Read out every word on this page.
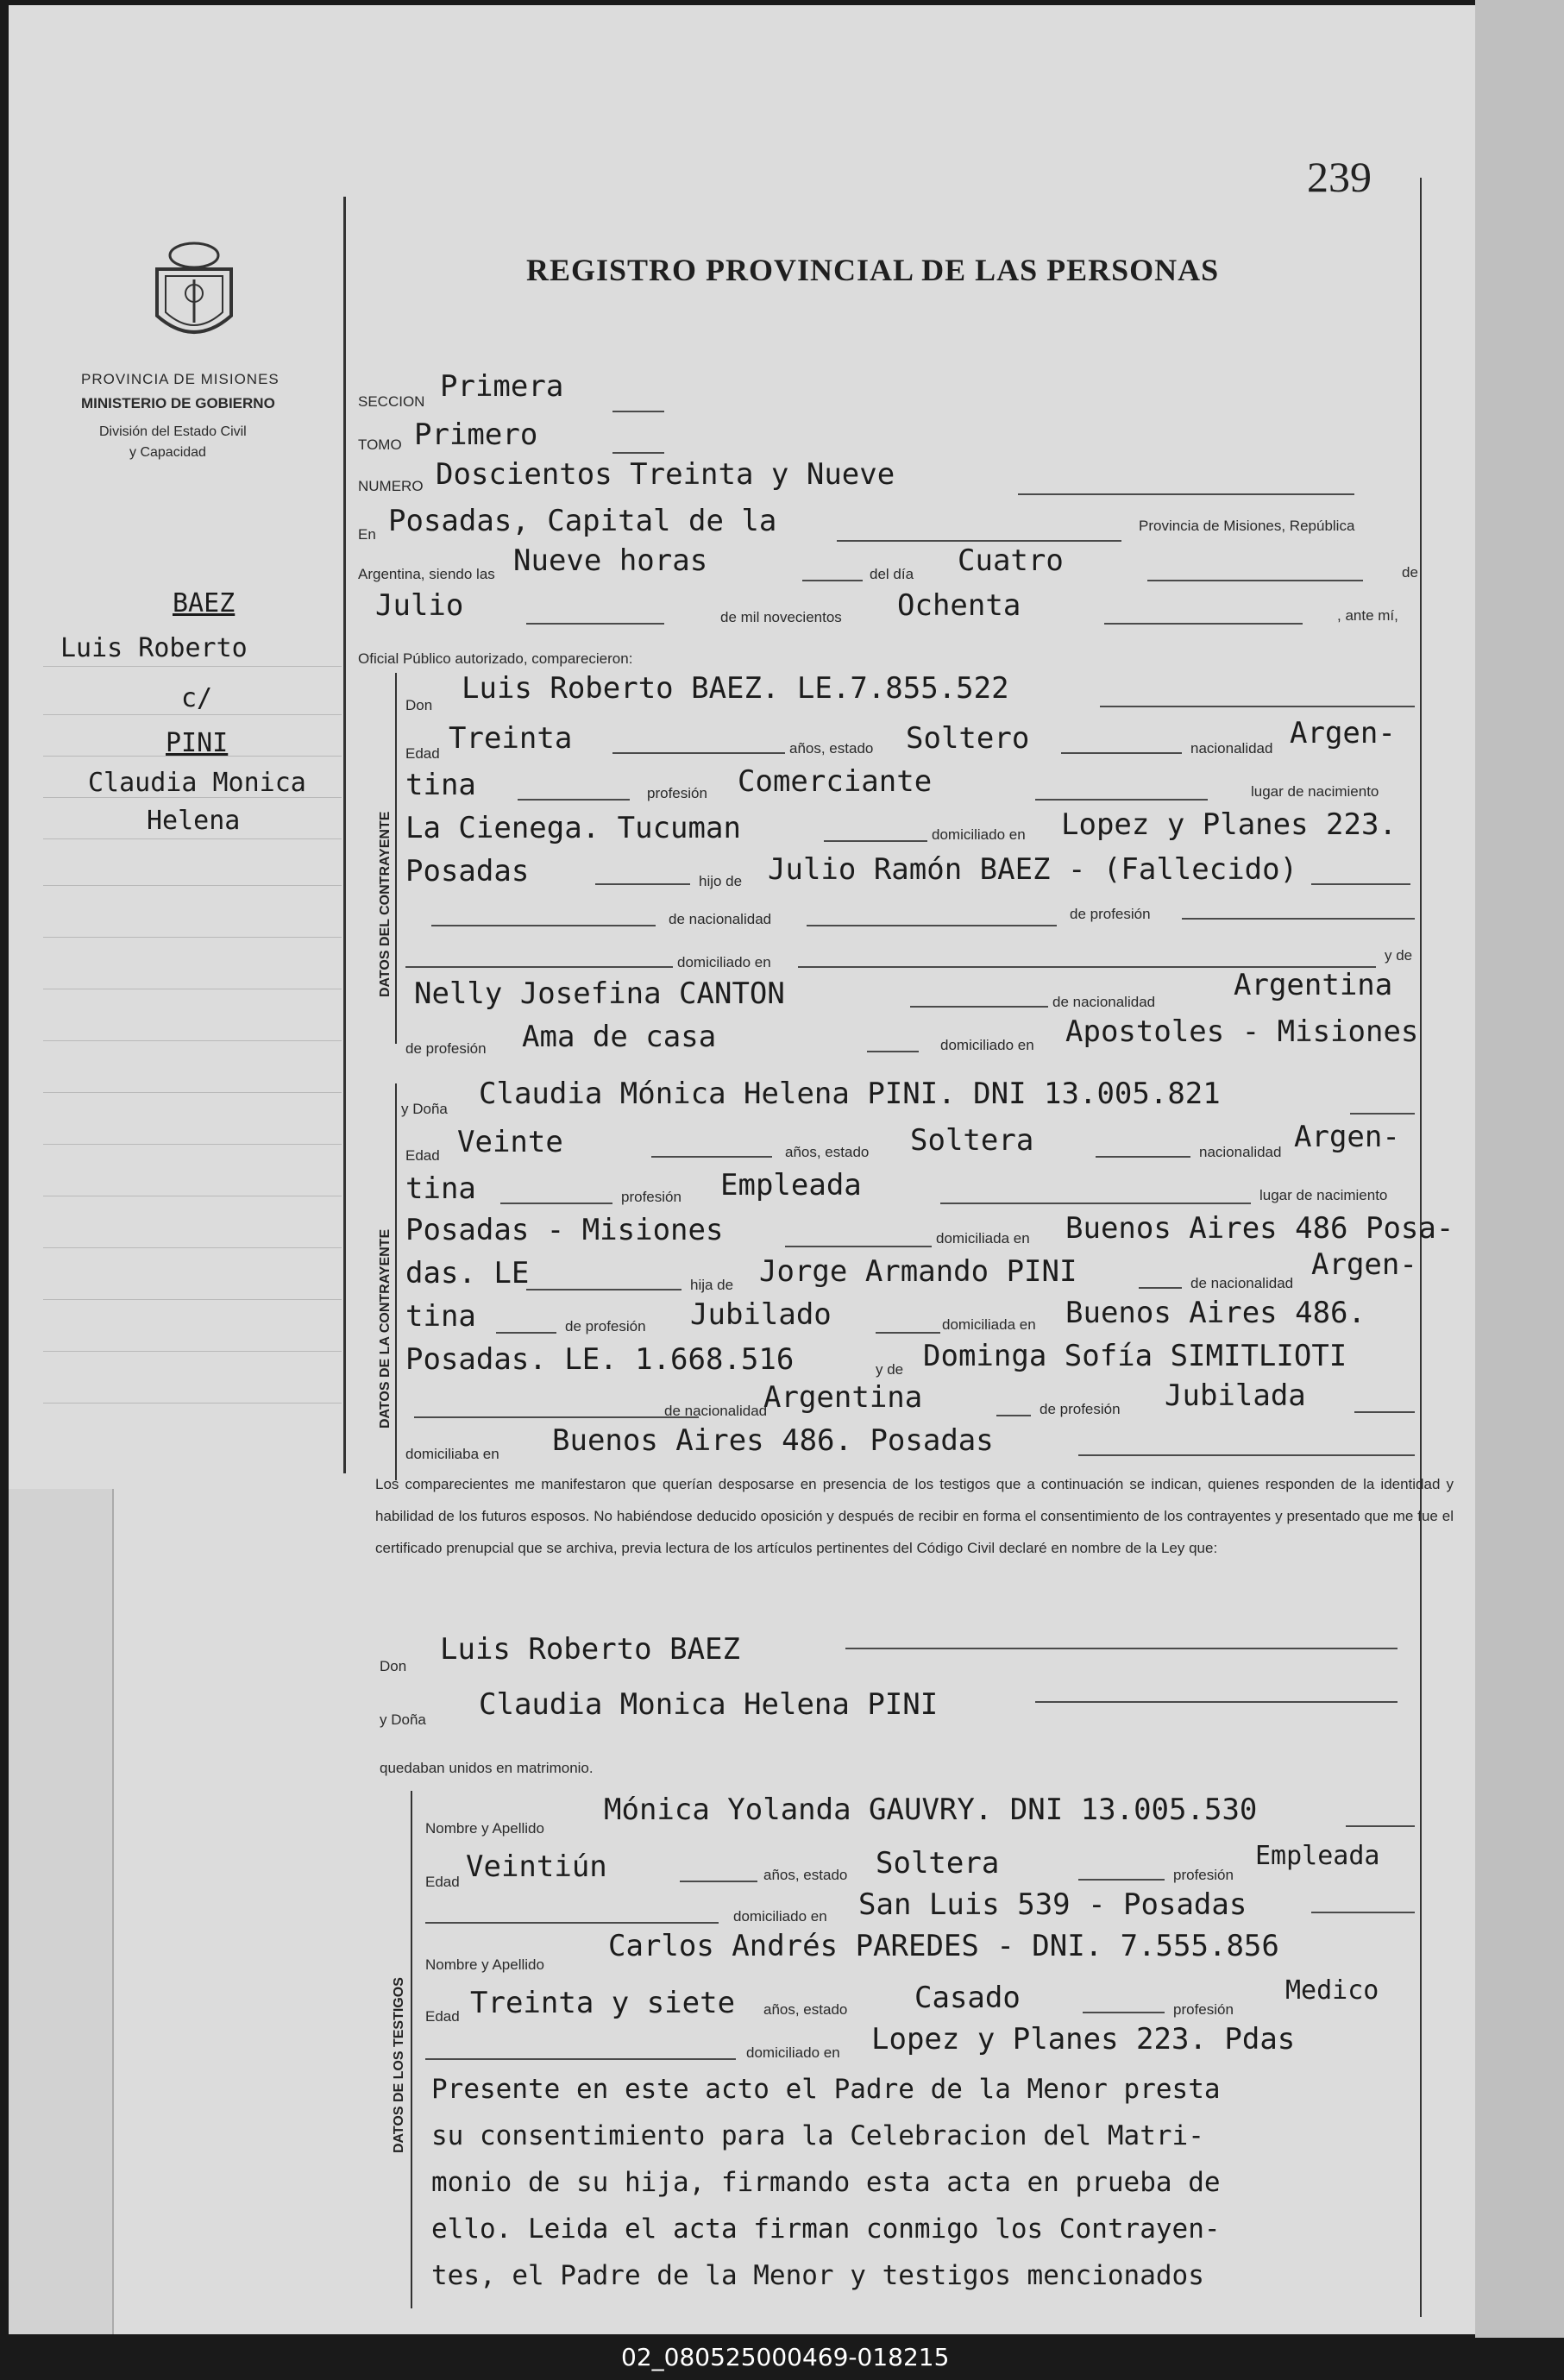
239
PROVINCIA DE MISIONES
MINISTERIO DE GOBIERNO
División del Estado Civil
y Capacidad
REGISTRO PROVINCIAL DE LAS PERSONAS
BAEZ
Luis Roberto
c/
PINI
Claudia Monica
Helena
SECCION Primera
TOMO Primero
NUMERO Doscientos Treinta y Nueve
En Posadas, Capital de la	Provincia de Misiones, República
Argentina, siendo las Nueve horas	del día Cuatro	de
Julio	de mil novecientos Ochenta	, ante mí,
Oficial Público autorizado, comparecieron:
DATOS DEL CONTRAYENTE
Don Luis Roberto BAEZ. LE.7.855.522
Edad Treinta	años, estado Soltero	nacionalidad Argen-
tina	profesión Comerciante	lugar de nacimiento
La Cienega. Tucuman	domiciliado en Lopez y Planes 223.
Posadas	hijo de Julio Ramón BAEZ - (Fallecido)
de nacionalidad	de profesión
domiciliado en	y de
Nelly Josefina CANTON	de nacionalidad	Argentina
de profesión Ama de casa	domiciliado en Apostoles - Misiones
DATOS DE LA CONTRAYENTE
y Doña Claudia Mónica Helena PINI. DNI 13.005.821
Edad Veinte	años, estado Soltera	nacionalidad Argen-
tina	profesión Empleada	lugar de nacimiento
Posadas - Misiones	domiciliada en Buenos Aires 486 Posa-
das. LE	hija de Jorge Armando PINI	de nacionalidad
Argen-
tina	de profesión Jubilado	domiciliada en Buenos Aires 486.
Posadas. LE. 1.668.516	y de Dominga Sofía SIMITLIOTI
de nacionalidad
Argentina	de profesión Jubilada
domiciliaba en Buenos Aires 486. Posadas
Los comparecientes me manifestaron que querían desposarse en presencia de los testigos que a continuación se indican, quienes responden de la identidad y habilidad de los futuros esposos. No habiéndose deducido oposición y después de recibir en forma el consentimiento de los contrayentes y presentado que me fue el certificado prenupcial que se archiva, previa lectura de los artículos pertinentes del Código Civil declaré en nombre de la Ley que:
Don Luis Roberto BAEZ
y Doña Claudia Monica Helena PINI
quedaban unidos en matrimonio.
DATOS DE LOS TESTIGOS
Nombre y Apellido
Mónica Yolanda GAUVRY. DNI 13.005.530
Edad Veintiún	años, estado Soltera	profesión
Empleada
domiciliado en San Luis 539 - Posadas
Nombre y Apellido
Carlos Andrés PAREDES - DNI. 7.555.856
Edad Treinta y siete años, estado Casado	profesión
Medico
domiciliado en Lopez y Planes 223. Pdas
Presente en este acto el Padre de la Menor presta
su consentimiento para la Celebracion del Matri-
monio de su hija, firmando esta acta en prueba de
ello. Leida el acta firman conmigo los Contrayen-
tes, el Padre de la Menor y testigos mencionados
02_080525000469-018215
